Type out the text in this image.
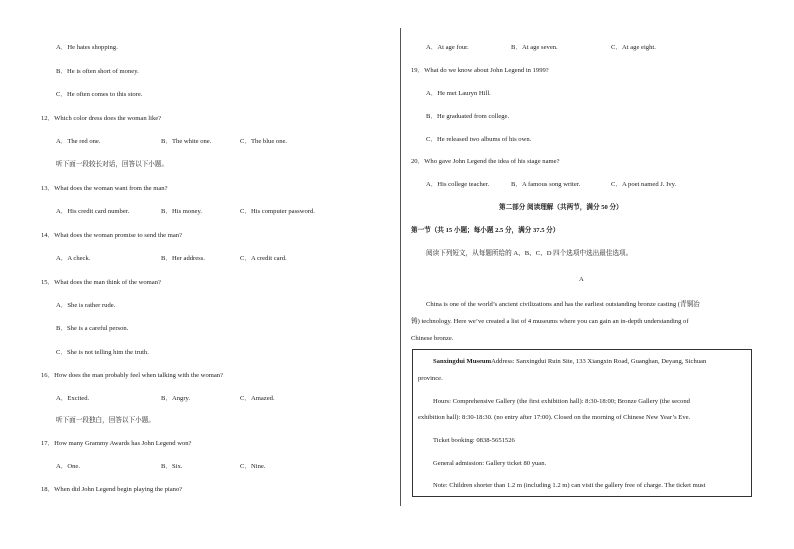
A．He hates shopping.
B．He is often short of money.
C．He often comes to this store.
12．Which color dress does the woman like?
A．The red one.	B．The white one.	C．The blue one.
听下面一段较长对话，回答以下小题。
13．What does the woman want from the man?
A．His credit card number.	B．His money.	C．His computer password.
14．What does the woman promise to send the man?
A．A check.	B．Her address.	C．A credit card.
15．What does the man think of the woman?
A．She is rather rude.
B．She is a careful person.
C．She is not telling him the truth.
16．How does the man probably feel when talking with the woman?
A．Excited.	B．Angry.	C．Amazed.
听下面一段独白，回答以下小题。
17．How many Grammy Awards has John Legend won?
A．One.	B．Six.	C．Nine.
18．When did John Legend begin playing the piano?
A．At age four.	B．At age seven.	C．At age eight.
19．What do we know about John Legend in 1999?
A．He met Lauryn Hill.
B．He graduated from college.
C．He released two albums of his own.
20．Who gave John Legend the idea of his stage name?
A．His college teacher.	B．A famous song writer.	C．A poet named J. Ivy.
第二部分 阅读理解（共两节，满分 50 分）
第一节（共 15 小题；每小题 2.5 分，满分 37.5 分）
阅读下列短文，从每题所给的 A、B、C、D 四个选项中选出最佳选项。
A
China is one of the world’s ancient civilizations and has the earliest outstanding bronze casting (青铜冶
铸) technology. Here we’ve created a list of 4 museums where you can gain an in-depth understanding of
Chinese bronze.
Sanxingdui MuseumAddress: Sanxingdui Ruin Site, 133 Xiangxin Road, Guanghan, Deyang, Sichuan
province.
Hours: Comprehensive Gallery (the first exhibition hall): 8:30-18:00; Bronze Gallery (the second
exhibition hall): 8:30-18:30. (no entry after 17:00). Closed on the morning of Chinese New Year’s Eve.
Ticket booking: 0838-5651526
General admission: Gallery ticket 80 yuan.
Note: Children shorter than 1.2 m (including 1.2 m) can visit the gallery free of charge. The ticket must
